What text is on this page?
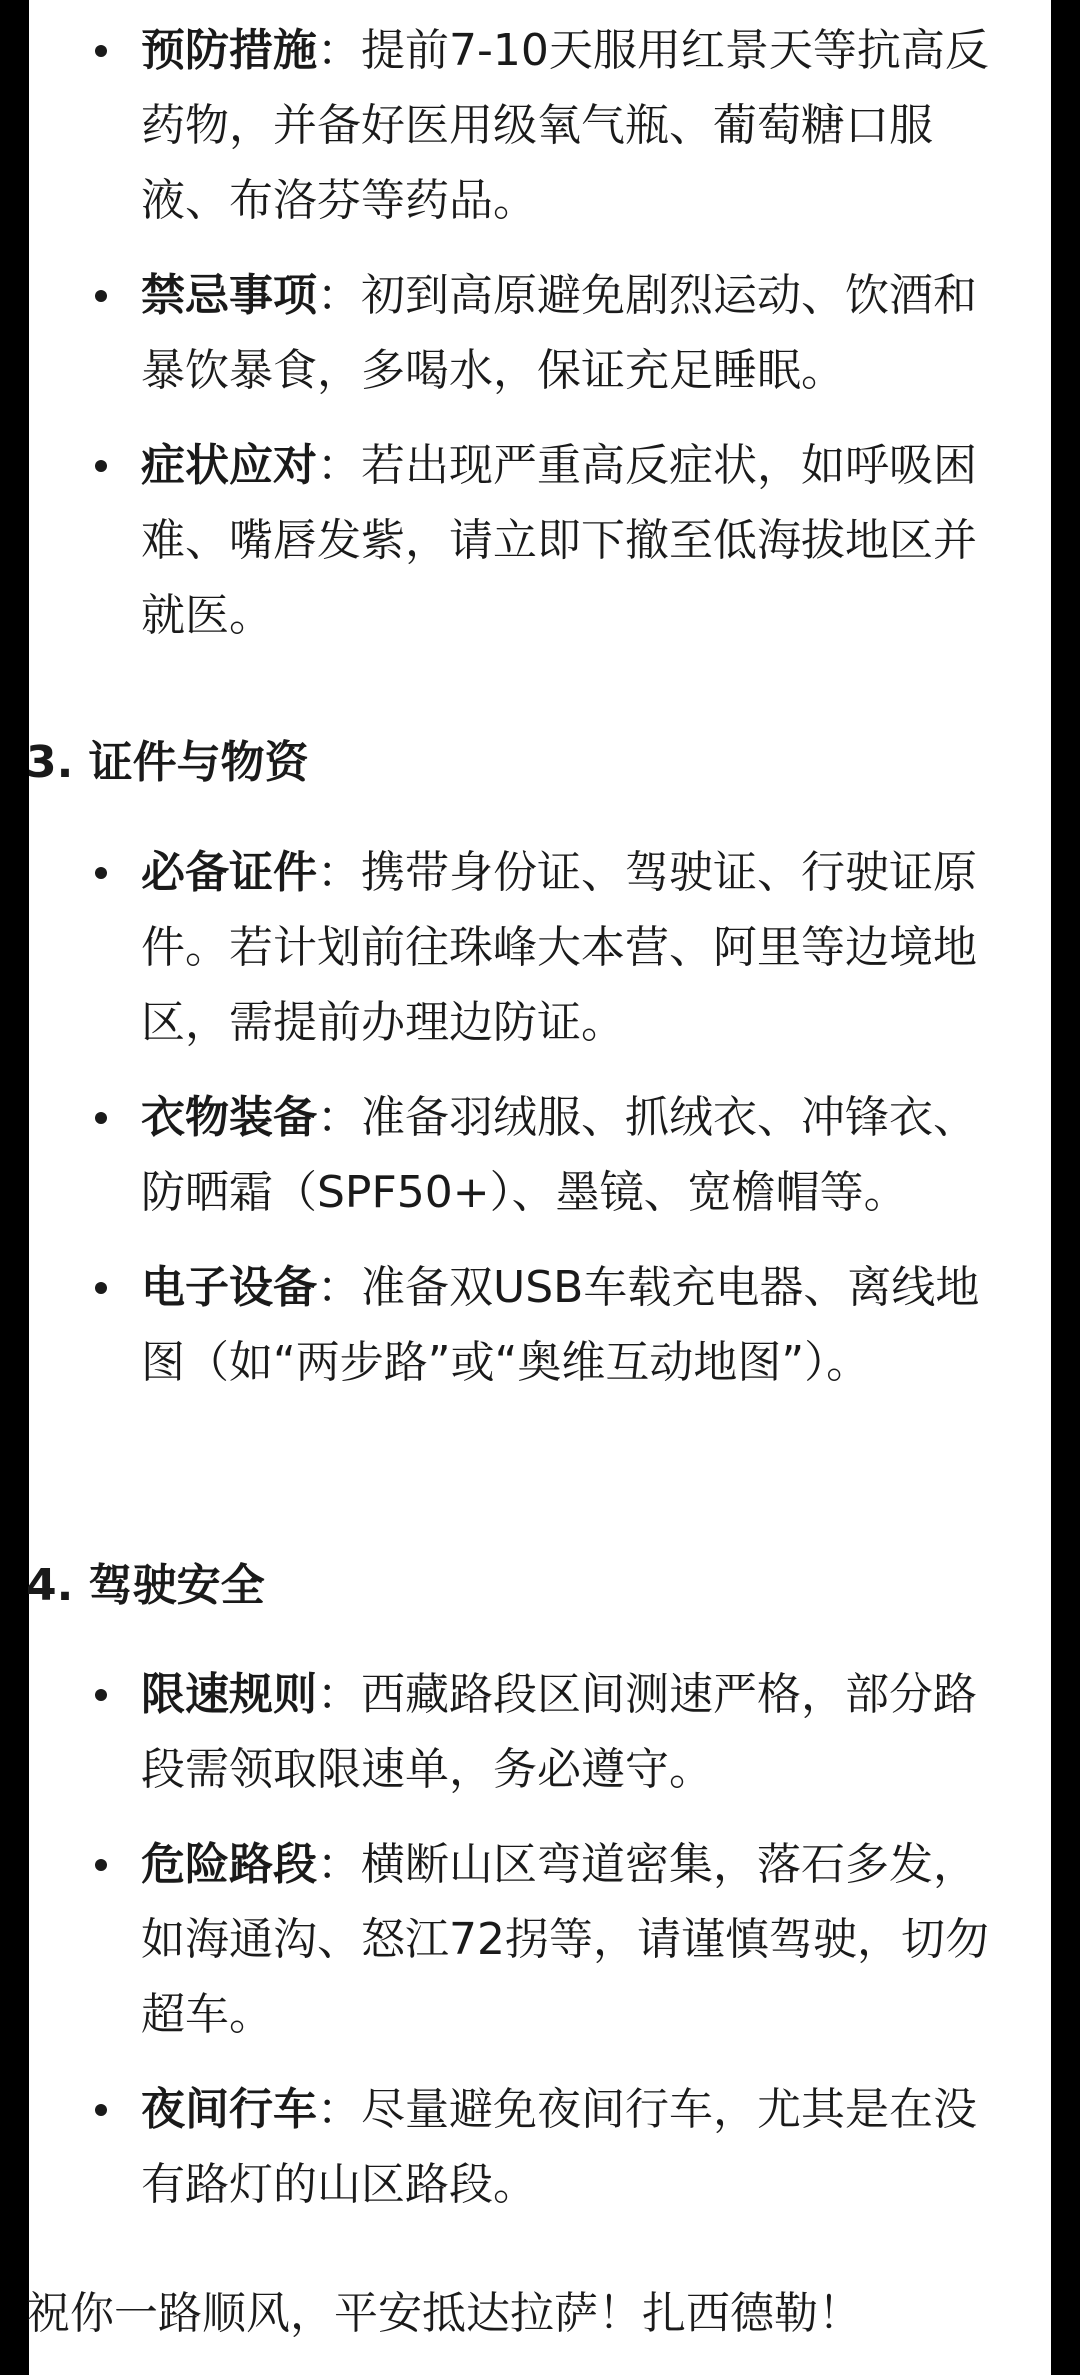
预防措施：提前7-10天服用红景天等抗高反药物，并备好医用级氧气瓶、葡萄糖口服液、布洛芬等药品。
禁忌事项：初到高原避免剧烈运动、饮酒和暴饮暴食，多喝水，保证充足睡眠。
症状应对：若出现严重高反症状，如呼吸困难、嘴唇发紫，请立即下撤至低海拔地区并就医。
3. 证件与物资
必备证件：携带身份证、驾驶证、行驶证原件。若计划前往珠峰大本营、阿里等边境地区，需提前办理边防证。
衣物装备：准备羽绒服、抓绒衣、冲锋衣、防晒霜（SPF50+）、墨镜、宽檐帽等。
电子设备：准备双USB车载充电器、离线地图（如“两步路”或“奥维互动地图”）。
4. 驾驶安全
限速规则：西藏路段区间测速严格，部分路段需领取限速单，务必遵守。
危险路段：横断山区弯道密集，落石多发，如海通沟、怒江72拐等，请谨慎驾驶，切勿超车。
夜间行车：尽量避免夜间行车，尤其是在没有路灯的山区路段。

祝你一路顺风，平安抵达拉萨！扎西德勒！
